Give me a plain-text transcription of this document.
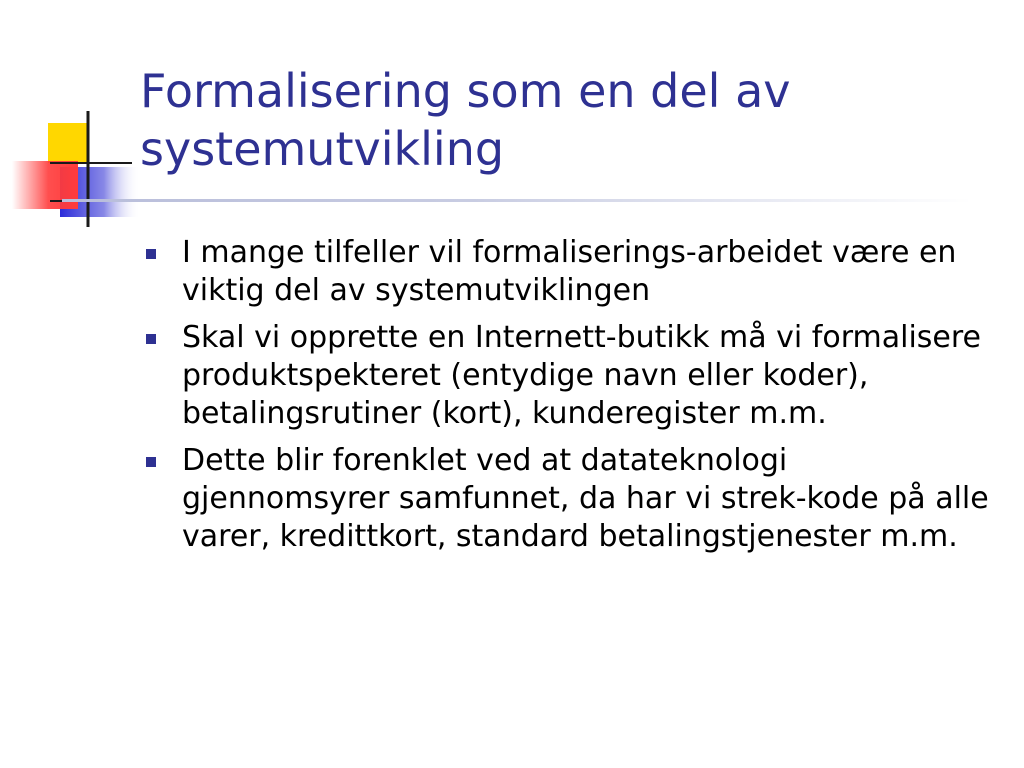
Formalisering som en del av systemutvikling
I mange tilfeller vil formaliserings-arbeidet være en viktig del av systemutviklingen
Skal vi opprette en Internett-butikk må vi formalisere produktspekteret (entydige navn eller koder), betalingsrutiner (kort), kunderegister m.m.
Dette blir forenklet ved at datateknologi gjennomsyrer samfunnet, da har vi strek-kode på alle varer, kredittkort, standard betalingstjenester m.m.
